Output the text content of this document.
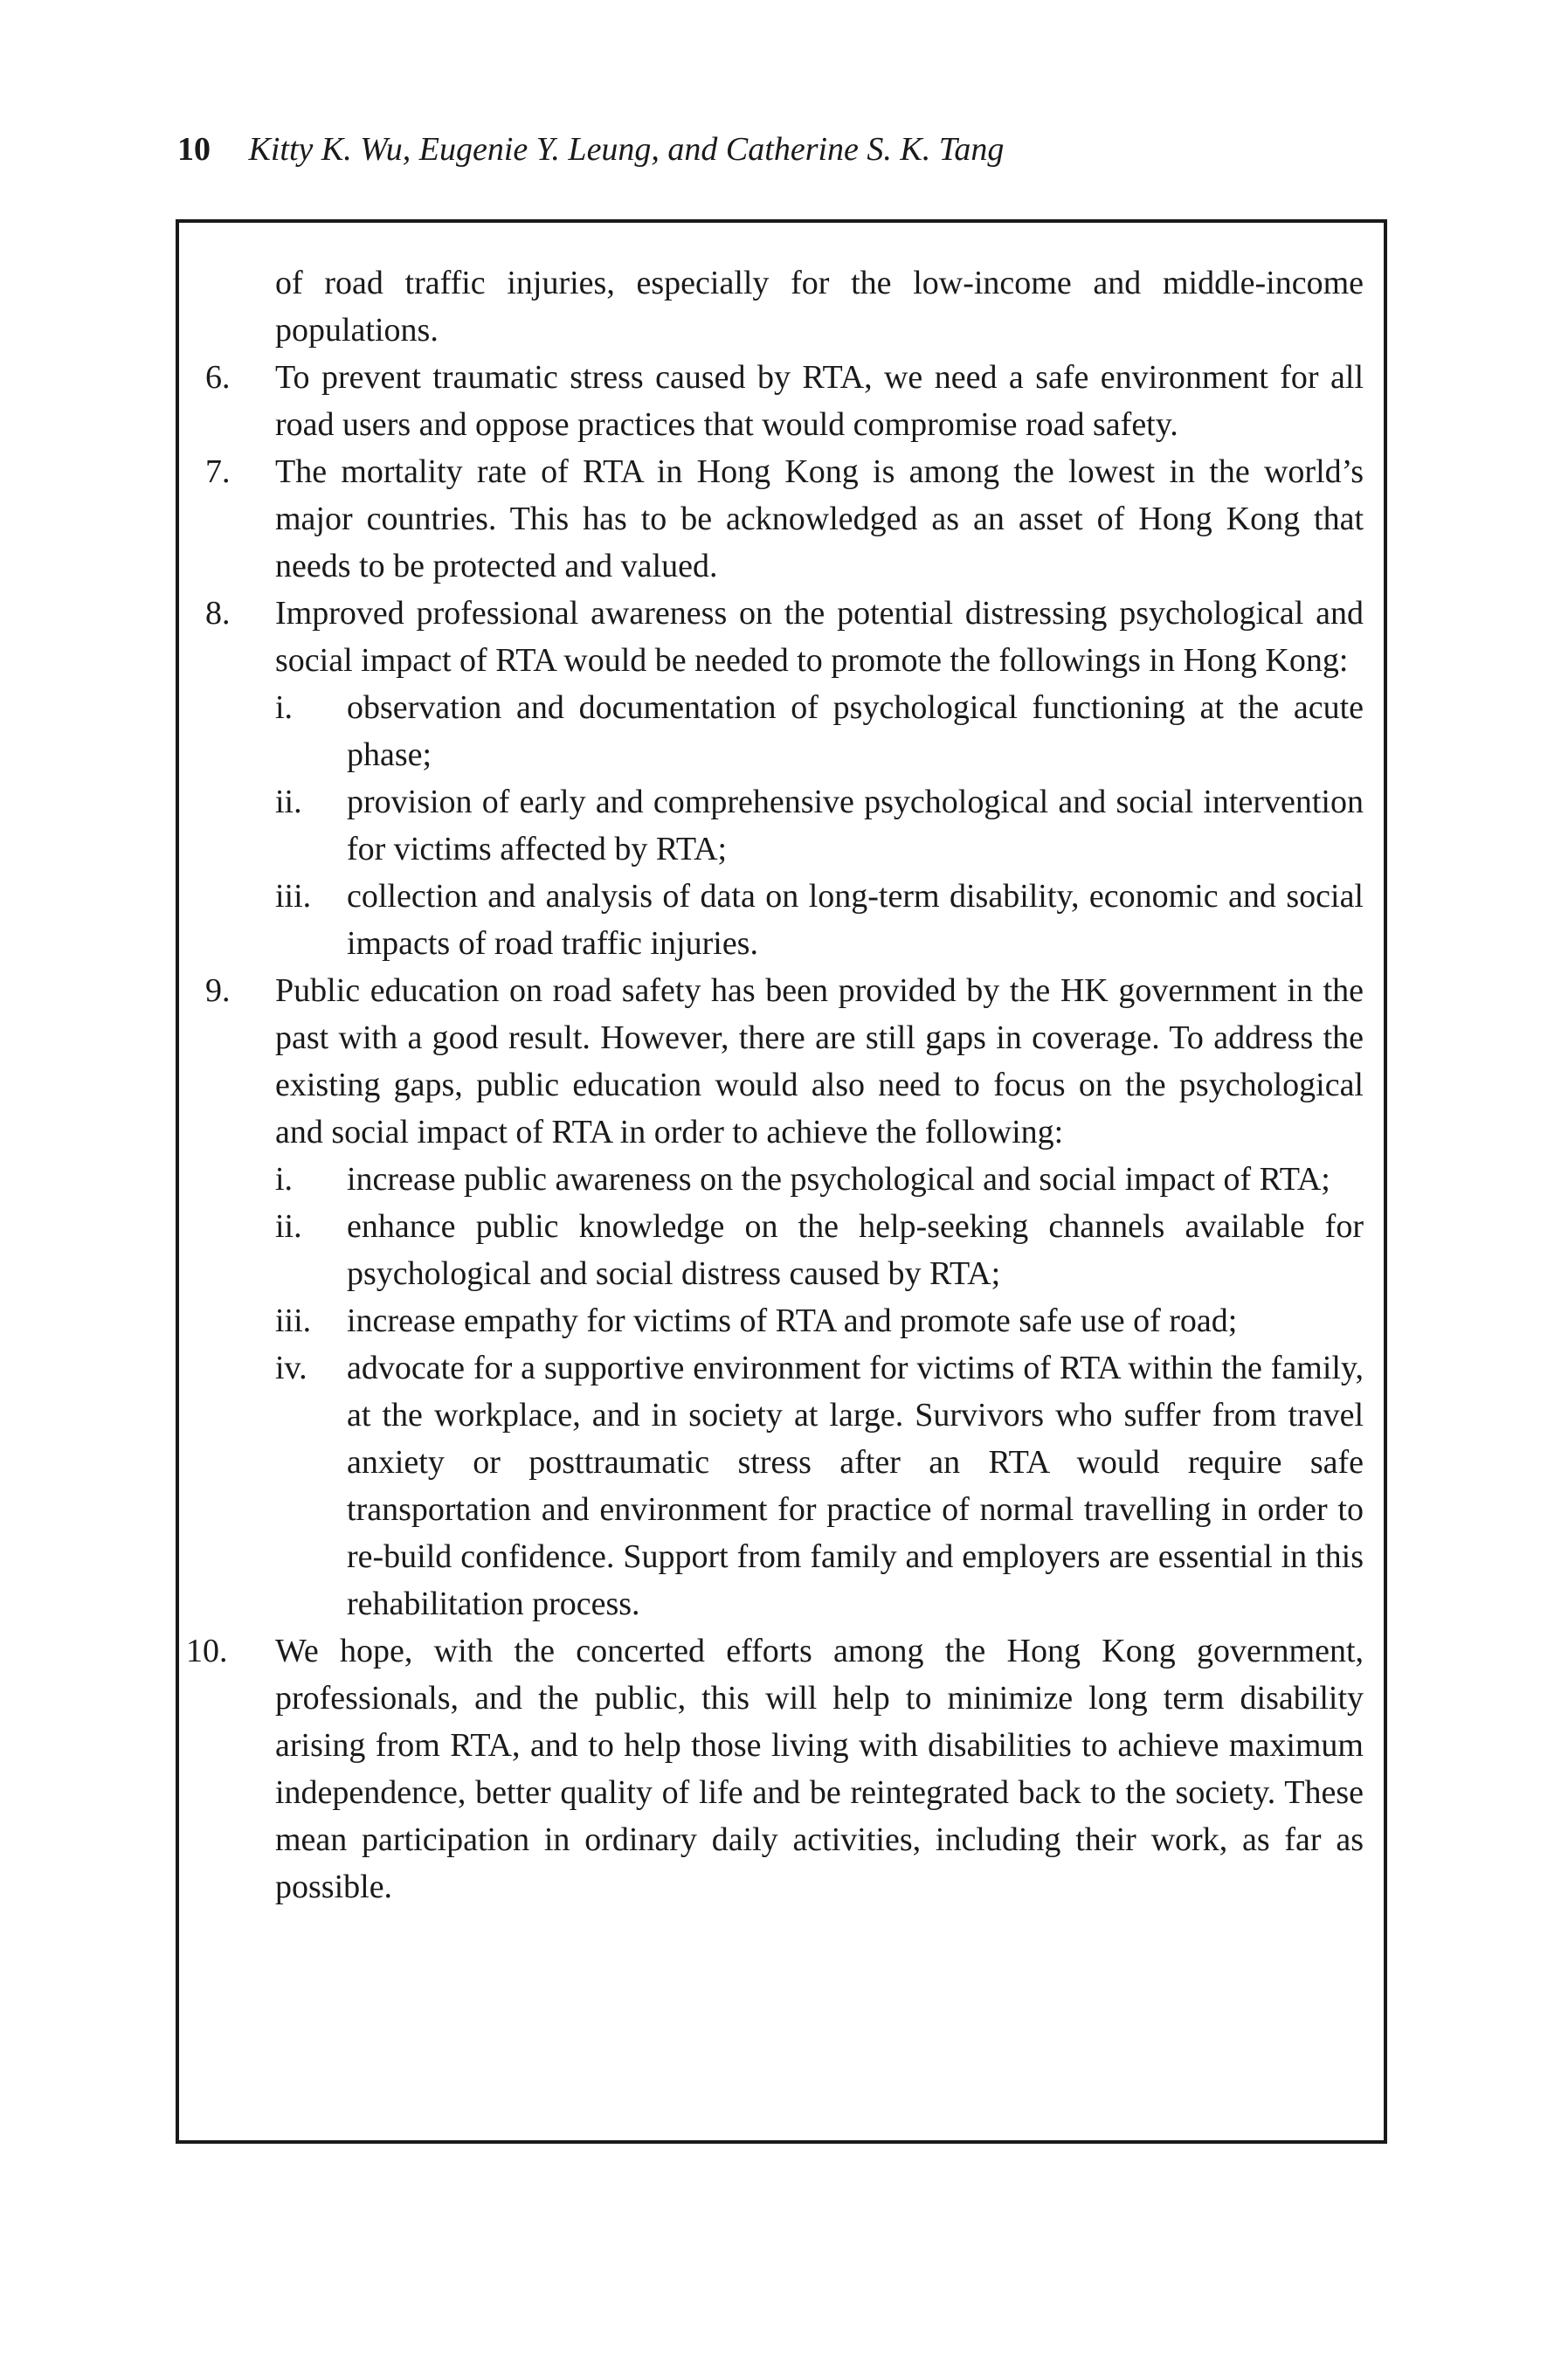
10 Kitty K. Wu, Eugenie Y. Leung, and Catherine S. K. Tang

of road traffic injuries, especially for the low-income and middle-income populations.

6.	To prevent traumatic stress caused by RTA, we need a safe environment for all road users and oppose practices that would compromise road safety.
7.	The mortality rate of RTA in Hong Kong is among the lowest in the world’s major countries. This has to be acknowledged as an asset of Hong Kong that needs to be protected and valued.
8.	Improved professional awareness on the potential distressing psychological and social impact of RTA would be needed to promote the followings in Hong Kong:
i.	observation and documentation of psychological functioning at the acute phase;
ii.	provision of early and comprehensive psychological and social intervention for victims affected by RTA;
iii.	collection and analysis of data on long-term disability, economic and social impacts of road traffic injuries.
9.	Public education on road safety has been provided by the HK government in the past with a good result. However, there are still gaps in coverage. To address the existing gaps, public education would also need to focus on the psychological and social impact of RTA in order to achieve the following:
i.	increase public awareness on the psychological and social impact of RTA;
ii.	enhance public knowledge on the help-seeking channels available for psychological and social distress caused by RTA;
iii.	increase empathy for victims of RTA and promote safe use of road;
iv.	advocate for a supportive environment for victims of RTA within the family, at the workplace, and in society at large. Survivors who suffer from travel anxiety or posttraumatic stress after an RTA would require safe transportation and environment for practice of normal travelling in order to re-build confidence. Support from family and employers are essential in this rehabilitation process.
10.	We hope, with the concerted efforts among the Hong Kong government, professionals, and the public, this will help to minimize long term disability arising from RTA, and to help those living with disabilities to achieve maximum independence, better quality of life and be reintegrated back to the society. These mean participation in ordinary daily activities, including their work, as far as possible.
